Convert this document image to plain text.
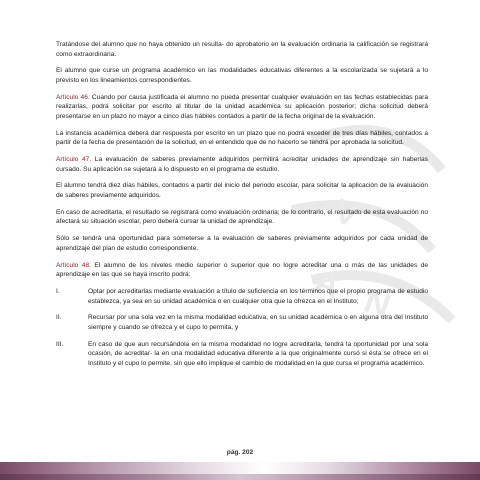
V
A N

Tratándose del alumno que no haya obtenido un resulta- do aprobatorio en la evaluación ordinaria la calificación se registrará como extraordinaria.

El alumno que curse un programa académico en las modalidades educativas diferentes a la escolarizada se sujetará a lo previsto en los lineamientos correspondientes.

Artículo 46. Cuando por causa justificada el alumno no pueda presentar cualquier evaluación en las fechas establecidas para realizarlas, podrá solicitar por escrito al titular de la unidad académica su aplicación posterior; dicha solicitud deberá presentarse en un plazo no mayor a cinco días hábiles contados a partir de la fecha original de la evaluación.

La instancia académica deberá dar respuesta por escrito en un plazo que no podrá exceder de tres días hábiles, contados a partir de la fecha de presentación de la solicitud, en el entendido que de no hacerlo se tendrá por aprobada la solicitud.

Artículo 47. La evaluación de saberes previamente adquiridos permitirá acreditar unidades de aprendizaje sin haberlas cursado. Su aplicación se sujetará a lo dispuesto en el programa de estudio.

El alumno tendrá diez días hábiles, contados a partir del inicio del periodo escolar, para solicitar la aplicación de la evaluación de saberes previamente adquiridos.

En caso de acreditarla, el resultado se registrará como evaluación ordinaria; de lo contrario, el resultado de esta evaluación no afectará su situación escolar, pero deberá cursar la unidad de aprendizaje.

Sólo se tendrá una oportunidad para someterse a la evaluación de saberes previamente adquiridos por cada unidad de aprendizaje del plan de estudio correspondiente.

Artículo 48. El alumno de los niveles medio superior o superior que no logre acreditar una o más de las unidades de aprendizaje en las que se haya inscrito podrá:

I.	Optar por acreditarlas mediante evaluación a título de suficiencia en los términos que el propio programa de estudio establezca, ya sea en su unidad académica o en cualquier otra que la ofrezca en el Instituto;

II.	Recursar por una sola vez en la misma modalidad educativa, en su unidad académica o en alguna otra del Instituto siempre y cuando se ofrezca y el cupo lo permita, y

III.	En caso de que aun recursándola en la misma modalidad no logre acreditarla, tendrá la oportunidad por una sola ocasión, de acreditar- la en una modalidad educativa diferente a la que originalmente cursó si ésta se ofrece en el Instituto y el cupo lo permite, sin que ello implique el cambio de modalidad en la que cursa el programa académico.

pág. 202
